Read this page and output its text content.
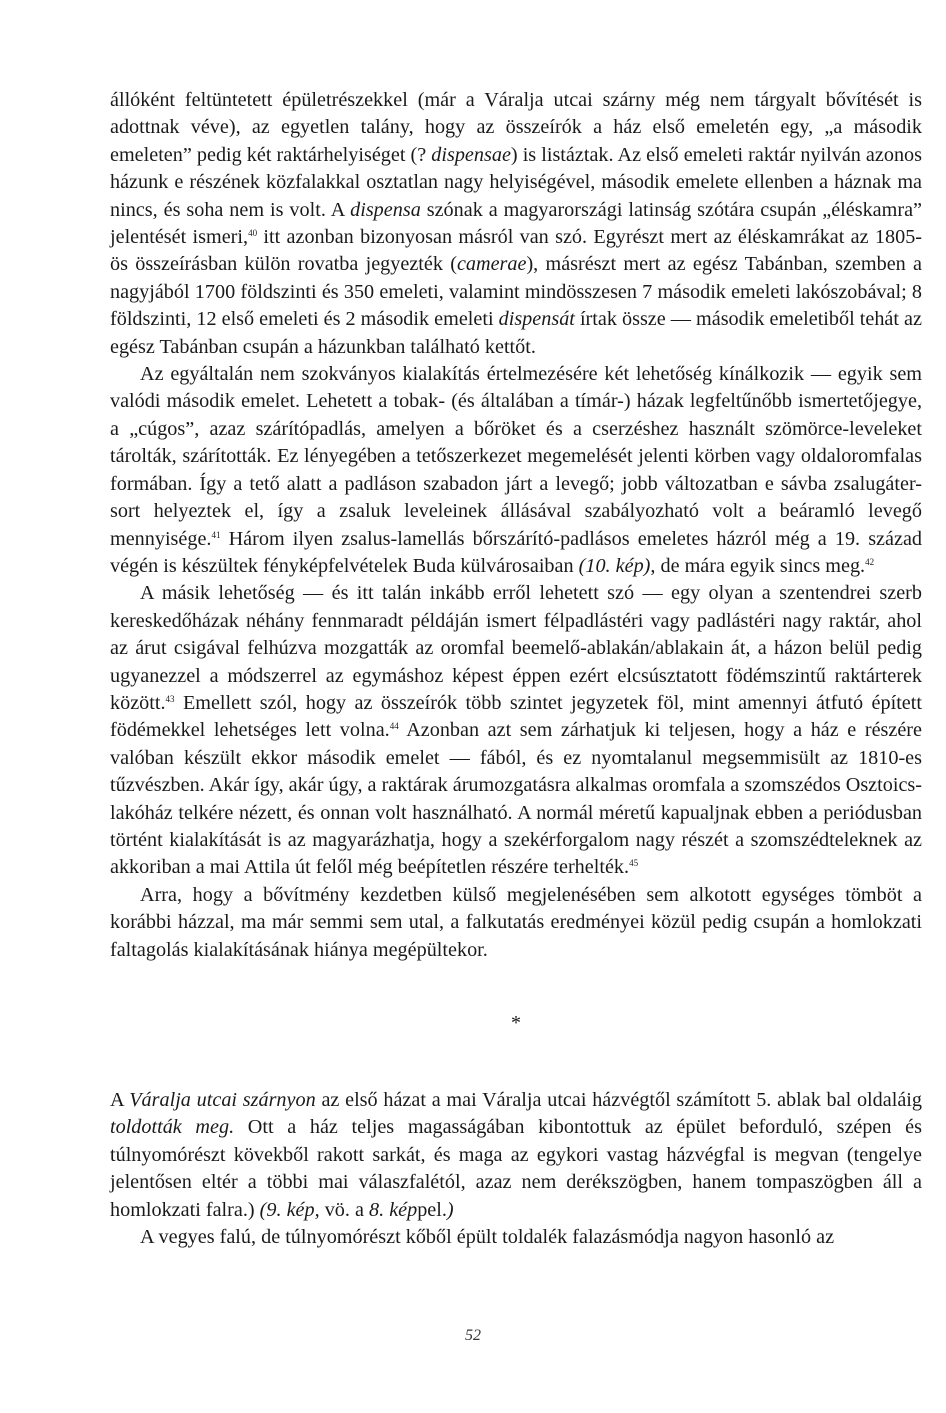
állóként feltüntetett épületrészekkel (már a Váralja utcai szárny még nem tárgyalt bővítését is adottnak véve), az egyetlen talány, hogy az összeírók a ház első emeletén egy, „a második emeleten” pedig két raktárhelyiséget (? dispensae) is listáztak. Az első emeleti raktár nyilván azonos házunk e részének közfalakkal osztatlan nagy helyiségével, második emelete ellenben a háznak ma nincs, és soha nem is volt. A dispensa szónak a magyarországi latinság szótára csupán „éléskamra” jelentését ismeri,$^{40}$ itt azonban bizonyosan másról van szó. Egyrészt mert az éléskamrákat az 1805-ös összeírásban külön rovatba jegyezték (camerae), másrészt mert az egész Tabánban, szemben a nagyjából 1700 földszinti és 350 emeleti, valamint mindösszesen 7 második emeleti lakószobával; 8 földszinti, 12 első emeleti és 2 második emeleti dispensát írtak össze — második emeletiből tehát az egész Tabánban csupán a házunkban található kettőt.

Az egyáltalán nem szokványos kialakítás értelmezésére két lehetőség kínálkozik — egyik sem valódi második emelet. Lehetett a tobak- (és általában a tímár-) házak legfeltűnőbb ismertetőjegye, a „cúgos”, azaz szárítópadlás, amelyen a bőröket és a cserzéshez használt szömörce-leveleket tárolták, szárították. Ez lényegében a tetőszerkezet megemelését jelenti körben vagy oldaloromfalas formában. Így a tető alatt a padláson szabadon járt a levegő; jobb változatban e sávba zsalugáter-sort helyeztek el, így a zsaluk leveleinek állásával szabályozható volt a beáramló levegő mennyisége.$^{41}$ Három ilyen zsalus-lamellás bőrszárító-padlásos emeletes házról még a 19. század végén is készültek fényképfelvételek Buda külvárosaiban (10. kép), de mára egyik sincs meg.$^{42}$

A másik lehetőség — és itt talán inkább erről lehetett szó — egy olyan a szentendrei szerb kereskedőházak néhány fennmaradt példáján ismert félpadlástéri vagy padlástéri nagy raktár, ahol az árut csigával felhúzva mozgatták az oromfal beemelő-ablakán/ablakain át, a házon belül pedig ugyanezzel a módszerrel az egymáshoz képest éppen ezért elcsúsztatott födémszintű raktárterek között.$^{43}$ Emellett szól, hogy az összeírók több szintet jegyzetek föl, mint amennyi átfutó épített födémekkel lehetséges lett volna.$^{44}$ Azonban azt sem zárhatjuk ki teljesen, hogy a ház e részére valóban készült ekkor második emelet — fából, és ez nyomtalanul megsemmisült az 1810-es tűzvészben. Akár így, akár úgy, a raktárak árumozgatásra alkalmas oromfala a szomszédos Osztoics-lakóház telkére nézett, és onnan volt használható. A normál méretű kapualjnak ebben a periódusban történt kialakítását is az magyarázhatja, hogy a szekérforgalom nagy részét a szomszédteleknek az akkoriban a mai Attila út felől még beépítetlen részére terhelték.$^{45}$

Arra, hogy a bővítmény kezdetben külső megjelenésében sem alkotott egységes tömböt a korábbi házzal, ma már semmi sem utal, a falkutatás eredményei közül pedig csupán a homlokzati faltagolás kialakításának hiánya megépültekor.

*

A Váralja utcai szárnyon az első házat a mai Váralja utcai házvégtől számított 5. ablak bal oldaláig toldották meg. Ott a ház teljes magasságában kibontottuk az épület beforduló, szépen és túlnyomórészt kövekből rakott sarkát, és maga az egykori vastag házvégfal is megvan (tengelye jelentősen eltér a többi mai válaszfalétól, azaz nem derékszögben, hanem tompaszögben áll a homlokzati falra.) (9. kép, vö. a 8. képpel.)

A vegyes falú, de túlnyomórészt kőből épült toldalék falazásmódja nagyon hasonló az

52
